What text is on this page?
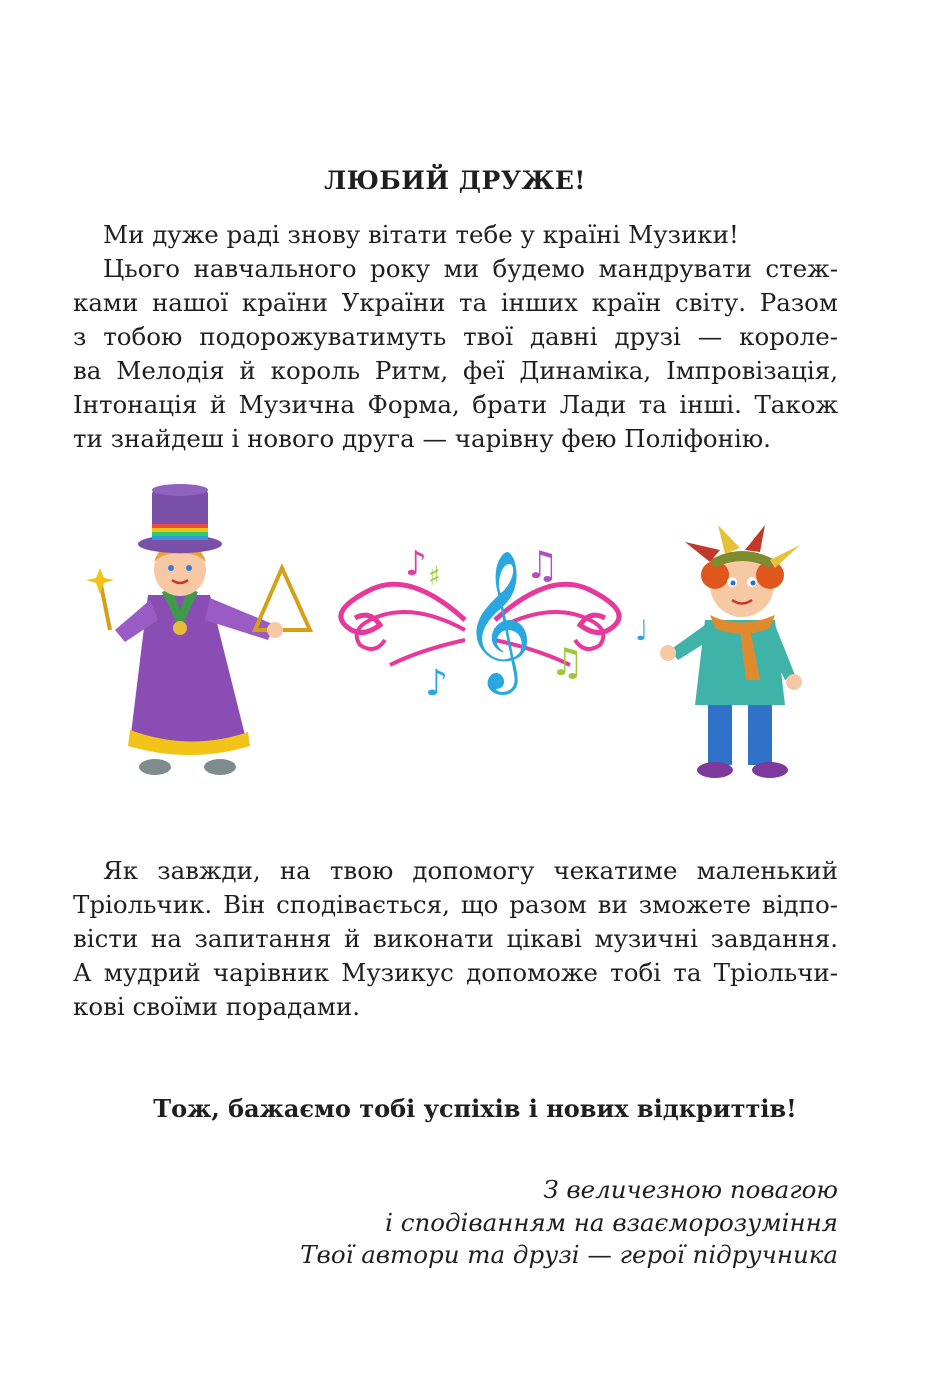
ЛЮБИЙ ДРУЖЕ!
Ми дуже раді знову вітати тебе у країні Музики!
Цього навчального року ми будемо мандрувати стеж-
ками нашої країни України та інших країн світу. Разом
з тобою подорожуватимуть твої давні друзі — короле-
ва Мелодія й король Ритм, феї Динаміка, Імпровізація,
Інтонація й Музична Форма, брати Лади та інші. Також
ти знайдеш і нового друга — чарівну фею Поліфонію.
𝄞
♪ ♯ ♫
♪	♫
♩
Як завжди, на твою допомогу чекатиме маленький
Тріольчик. Він сподівається, що разом ви зможете відпо-
вісти на запитання й виконати цікаві музичні завдання.
А мудрий чарівник Музикус допоможе тобі та Тріольчи-
кові своїми порадами.
Тож, бажаємо тобі успіхів і нових відкриттів!
З величезною повагою
і сподіванням на взаєморозуміння
Твої автори та друзі — герої підручника
